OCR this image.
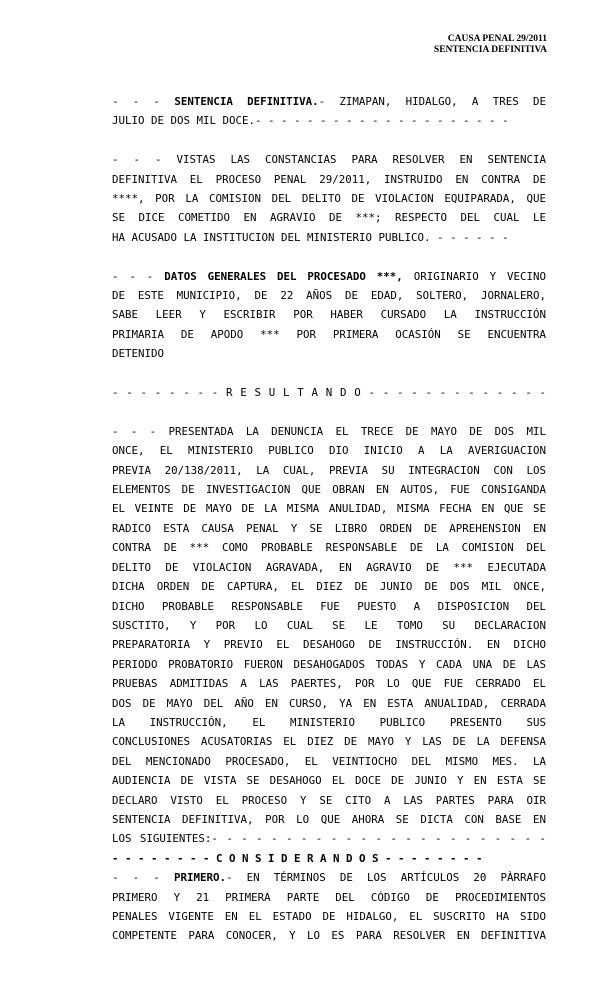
CAUSA PENAL 29/2011
SENTENCIA DEFINITIVA
- - - SENTENCIA DEFINITIVA.- ZIMAPAN, HIDALGO, A TRES DE
JULIO DE DOS MIL DOCE.- - - - - - - - - - - - - - - - - - - -
- - - VISTAS LAS CONSTANCIAS PARA RESOLVER EN SENTENCIA
DEFINITIVA EL PROCESO PENAL 29/2011, INSTRUIDO EN CONTRA DE
****, POR LA COMISION DEL DELITO DE VIOLACION EQUIPARADA, QUE
SE DICE COMETIDO EN AGRAVIO DE ***; RESPECTO DEL CUAL LE
HA ACUSADO LA INSTITUCION DEL MINISTERIO PUBLICO. - - - - - -
- - - DATOS GENERALES DEL PROCESADO ***, ORIGINARIO Y VECINO
DE ESTE MUNICIPIO, DE 22 AÑOS DE EDAD, SOLTERO, JORNALERO,
SABE LEER Y ESCRIBIR POR HABER CURSADO LA INSTRUCCIÓN
PRIMARIA DE APODO *** POR PRIMERA OCASIÓN SE ENCUENTRA
DETENIDO
- - - - - - - - R E S U L T A N D O - - - - - - - - - - - - -
- - - PRESENTADA LA DENUNCIA EL TRECE DE MAYO DE DOS MIL
ONCE, EL MINISTERIO PUBLICO DIO INICIO A LA AVERIGUACION
PREVIA 20/138/2011, LA CUAL, PREVIA SU INTEGRACION CON LOS
ELEMENTOS DE INVESTIGACION QUE OBRAN EN AUTOS, FUE CONSIGANDA
EL VEINTE DE MAYO DE LA MISMA ANULIDAD, MISMA FECHA EN QUE SE
RADICO ESTA CAUSA PENAL Y SE LIBRO ORDEN DE APREHENSION EN
CONTRA DE *** COMO PROBABLE RESPONSABLE DE LA COMISION DEL
DELITO DE VIOLACION AGRAVADA, EN AGRAVIO DE *** EJECUTADA
DICHA ORDEN DE CAPTURA, EL DIEZ DE JUNIO DE DOS MIL ONCE,
DICHO PROBABLE RESPONSABLE FUE PUESTO A DISPOSICION DEL
SUSCTITO, Y POR LO CUAL SE LE TOMO SU DECLARACION
PREPARATORIA Y PREVIO EL DESAHOGO DE INSTRUCCIÓN. EN DICHO
PERIODO PROBATORIO FUERON DESAHOGADOS TODAS Y CADA UNA DE LAS
PRUEBAS ADMITIDAS A LAS PAERTES, POR LO QUE FUE CERRADO EL
DOS DE MAYO DEL AÑO EN CURSO, YA EN ESTA ANUALIDAD, CERRADA
LA INSTRUCCIÓN, EL MINISTERIO PUBLICO PRESENTO SUS
CONCLUSIONES ACUSATORIAS EL DIEZ DE MAYO Y LAS DE LA DEFENSA
DEL MENCIONADO PROCESADO, EL VEINTIOCHO DEL MISMO MES. LA
AUDIENCIA DE VISTA SE DESAHOGO EL DOCE DE JUNIO Y EN ESTA SE
DECLARO VISTO EL PROCESO Y SE CITO A LAS PARTES PARA OIR
SENTENCIA DEFINITIVA, POR LO QUE AHORA SE DICTA CON BASE EN
LOS SIGUIENTES:- - - - - - - - - - - - - - - - - - - - - - -
- - - - - - - - C O N S I D E R A N D O S - - - - - - - -
- - - PRIMERO.- EN TÉRMINOS DE LOS ARTÍCULOS 20 PÀRRAFO
PRIMERO Y 21 PRIMERA PARTE DEL CÓDIGO DE PROCEDIMIENTOS
PENALES VIGENTE EN EL ESTADO DE HIDALGO, EL SUSCRITO HA SIDO
COMPETENTE PARA CONOCER, Y LO ES PARA RESOLVER EN DEFINITIVA
